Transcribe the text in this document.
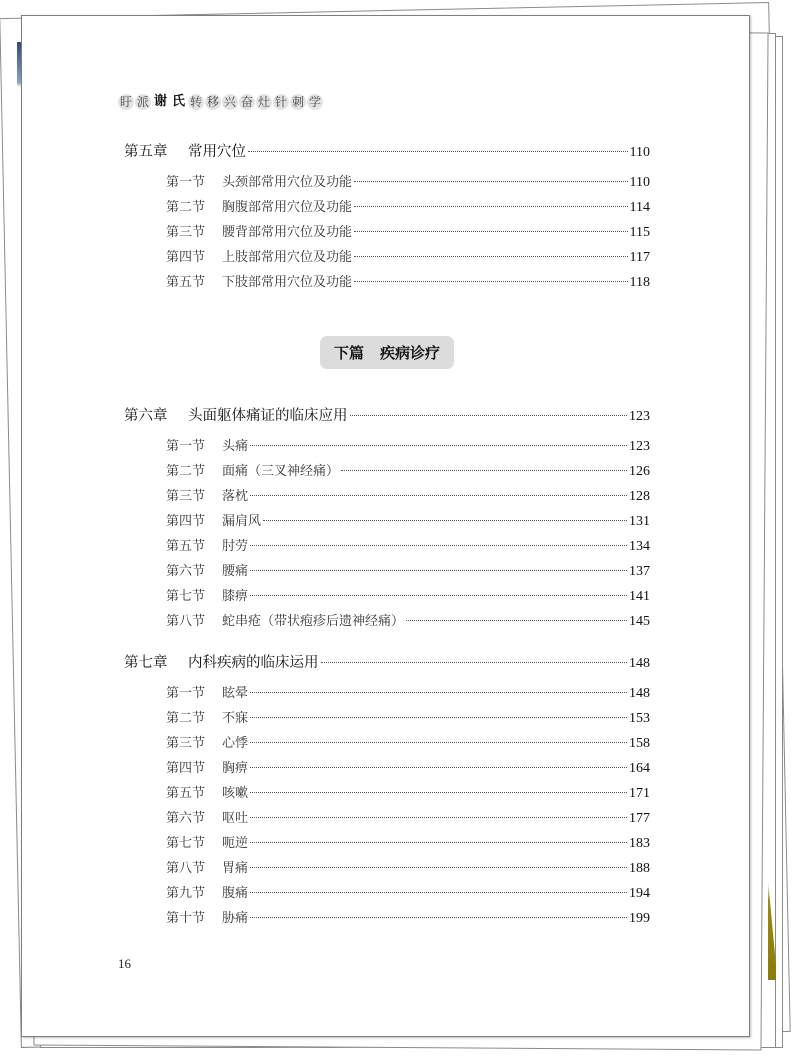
盱 派 谢 氏 转 移 兴 奋 灶 针 刺 学
第五章	常用穴位	110
第一节	头颈部常用穴位及功能	110
第二节	胸腹部常用穴位及功能	114
第三节	腰背部常用穴位及功能	115
第四节	上肢部常用穴位及功能	117
第五节	下肢部常用穴位及功能	118
第六章	头面躯体痛证的临床应用	123
第一节	头痛	123
第二节	面痛（三叉神经痛）	126
第三节	落枕	128
第四节	漏肩风	131
第五节	肘劳	134
第六节	腰痛	137
第七节	膝痹	141
第八节	蛇串疮（带状疱疹后遗神经痛）	145
第七章	内科疾病的临床运用	148
第一节	眩晕	148
第二节	不寐	153
第三节	心悸	158
第四节	胸痹	164
第五节	咳嗽	171
第六节	呕吐	177
第七节	呃逆	183
第八节	胃痛	188
第九节	腹痛	194
第十节	胁痛	199
下篇 疾病诊疗
16
